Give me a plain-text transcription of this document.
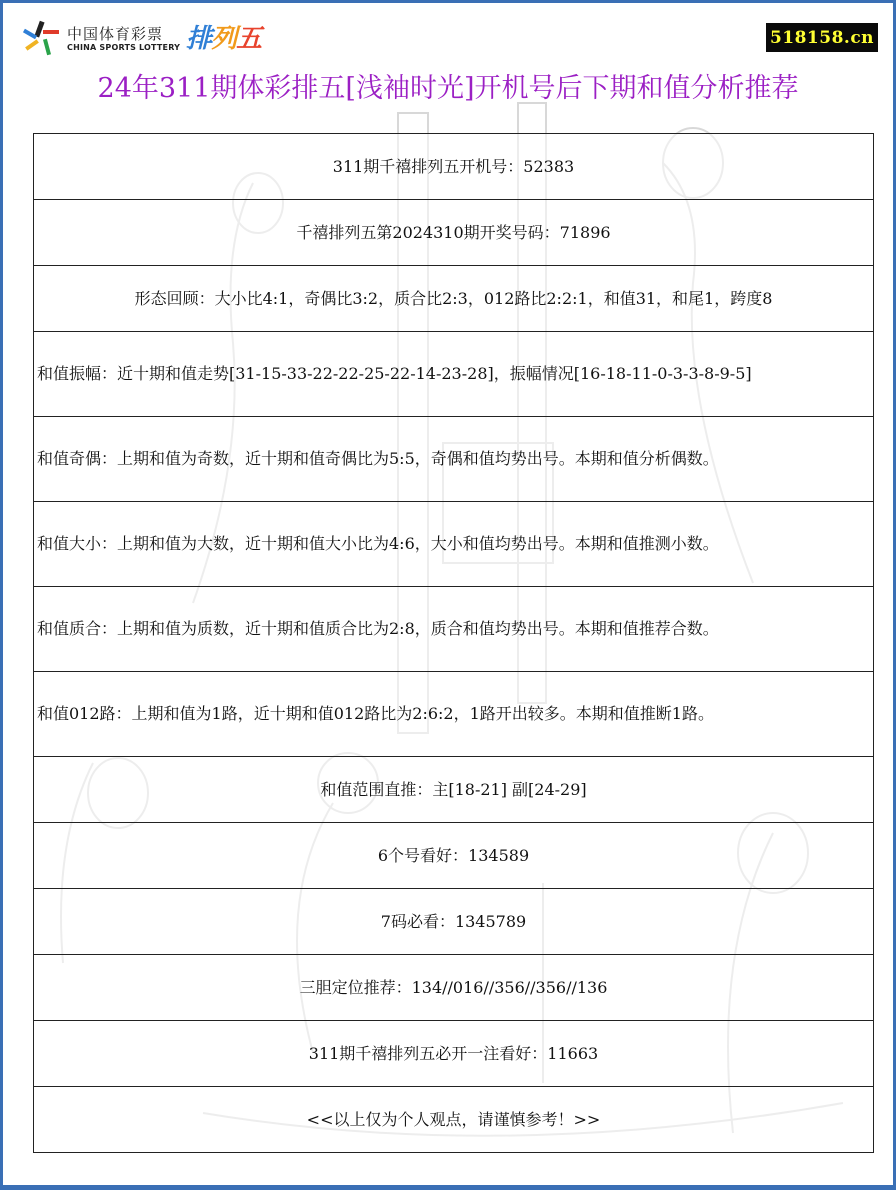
中国体育彩票
CHINA SPORTS LOTTERY 排列五	518158.cn
24年311期体彩排五[浅袖时光]开机号后下期和值分析推荐
311期千禧排列五开机号：52383
千禧排列五第2024310期开奖号码：71896
形态回顾：大小比4:1，奇偶比3:2，质合比2:3，012路比2:2:1，和值31，和尾1，跨度8
和值振幅：近十期和值走势[31-15-33-22-22-25-22-14-23-28]，振幅情况[16-18-11-0-3-3-8-9-5]
和值奇偶：上期和值为奇数，近十期和值奇偶比为5:5，奇偶和值均势出号。本期和值分析偶数。
和值大小：上期和值为大数，近十期和值大小比为4:6，大小和值均势出号。本期和值推测小数。
和值质合：上期和值为质数，近十期和值质合比为2:8，质合和值均势出号。本期和值推荐合数。
和值012路：上期和值为1路，近十期和值012路比为2:6:2，1路开出较多。本期和值推断1路。
和值范围直推：主[18-21] 副[24-29]
6个号看好：134589
7码必看：1345789
三胆定位推荐：134//016//356//356//136
311期千禧排列五必开一注看好：11663
<<以上仅为个人观点，请谨慎参考！>>
